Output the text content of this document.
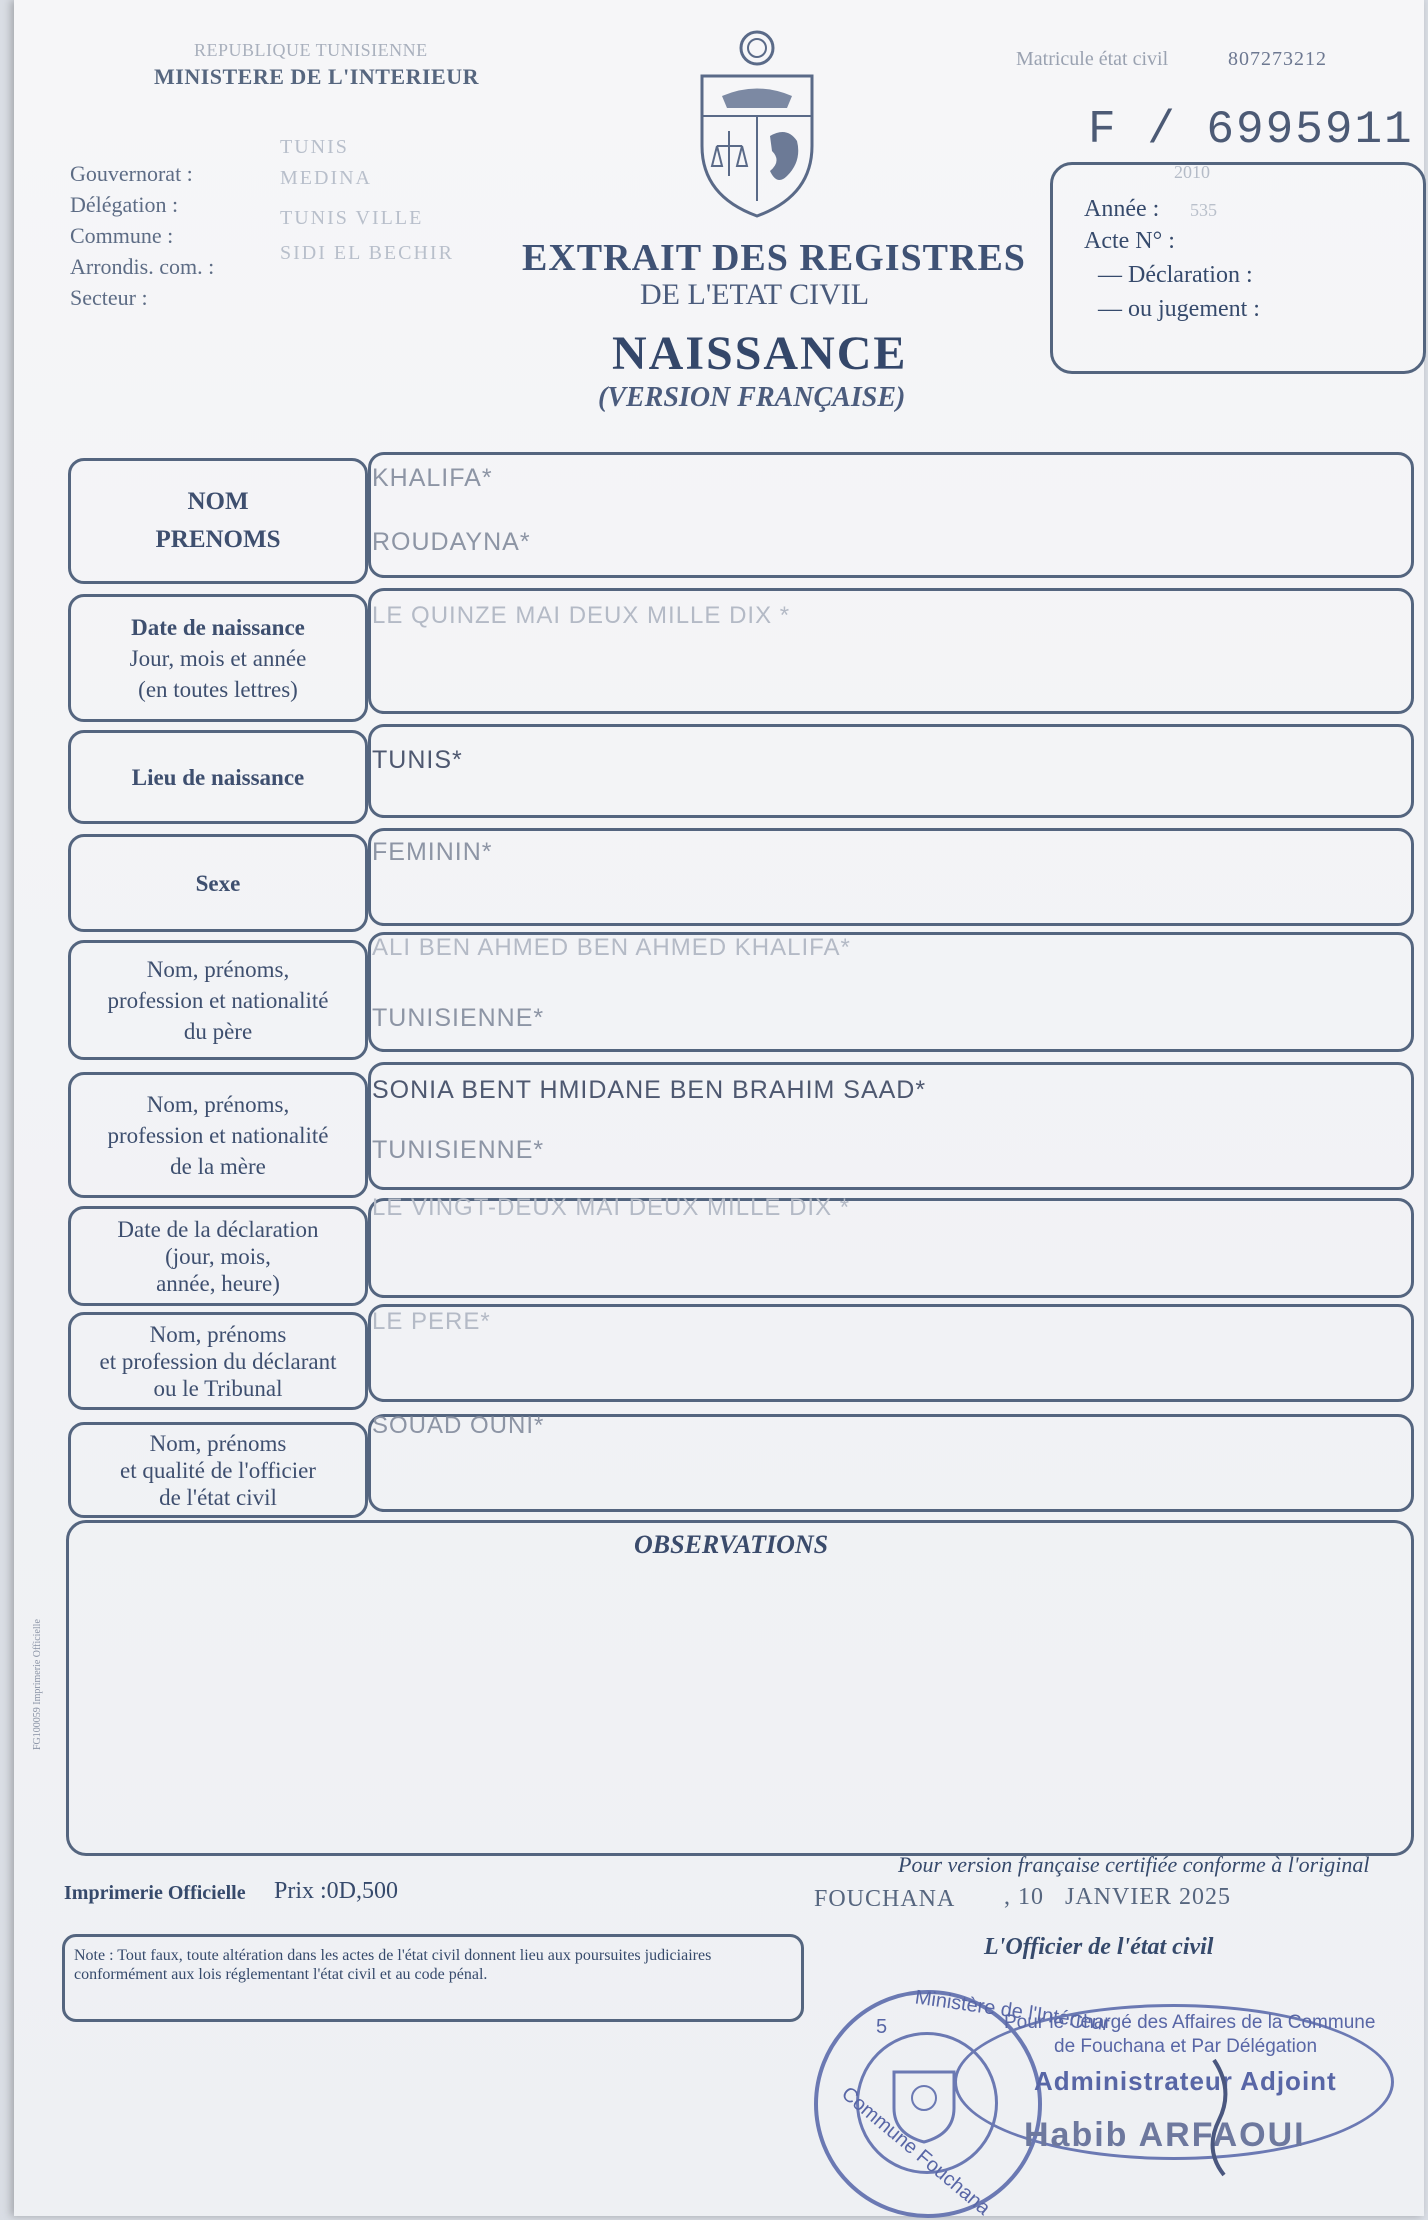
REPUBLIQUE TUNISIENNE
MINISTERE DE L'INTERIEUR
Gouvernorat :
TUNIS
Délégation :
MEDINA
Commune :
TUNIS VILLE
Arrondis. com. :
SIDI EL BECHIR
Secteur :
EXTRAIT DES REGISTRES
DE L'ETAT CIVIL
NAISSANCE
(VERSION FRANÇAISE)
Matricule état civil	807273212
F / 6995911
2010
Année : 535
Acte N° :
— Déclaration :
— ou jugement :
NOM
PRENOMS
KHALIFA*
ROUDAYNA*
Date de naissance
Jour, mois et année
(en toutes lettres)
LE QUINZE MAI DEUX MILLE DIX *
Lieu de naissance
TUNIS*
Sexe
FEMININ*
Nom, prénoms,
profession et nationalité
du père
ALI BEN AHMED BEN AHMED KHALIFA*
TUNISIENNE*
Nom, prénoms,
profession et nationalité
de la mère
SONIA BENT HMIDANE BEN BRAHIM SAAD*
TUNISIENNE*
Date de la déclaration
(jour, mois,
année, heure)
LE VINGT-DEUX MAI DEUX MILLE DIX *
Nom, prénoms
et profession du déclarant
ou le Tribunal
LE PERE*
Nom, prénoms
et qualité de l'officier
de l'état civil
SOUAD OUNI*
OBSERVATIONS
FG100059 Imprimerie Officielle
Pour version française certifiée conforme à l'original
Imprimerie Officielle Prix :0D,500	FOUCHANA , 10   JANVIER 2025
L'Officier de l'état civil
Note : Tout faux, toute altération dans les actes de l'état civil donnent lieu aux poursuites judiciaires conformément aux lois réglementant l'état civil et au code pénal.
Ministère de l'Intérieur
Commune Fouchana
5	Pour le Chargé des Affaires de la Commune
de Fouchana et Par Délégation
Administrateur Adjoint
Habib ARFAOUI
